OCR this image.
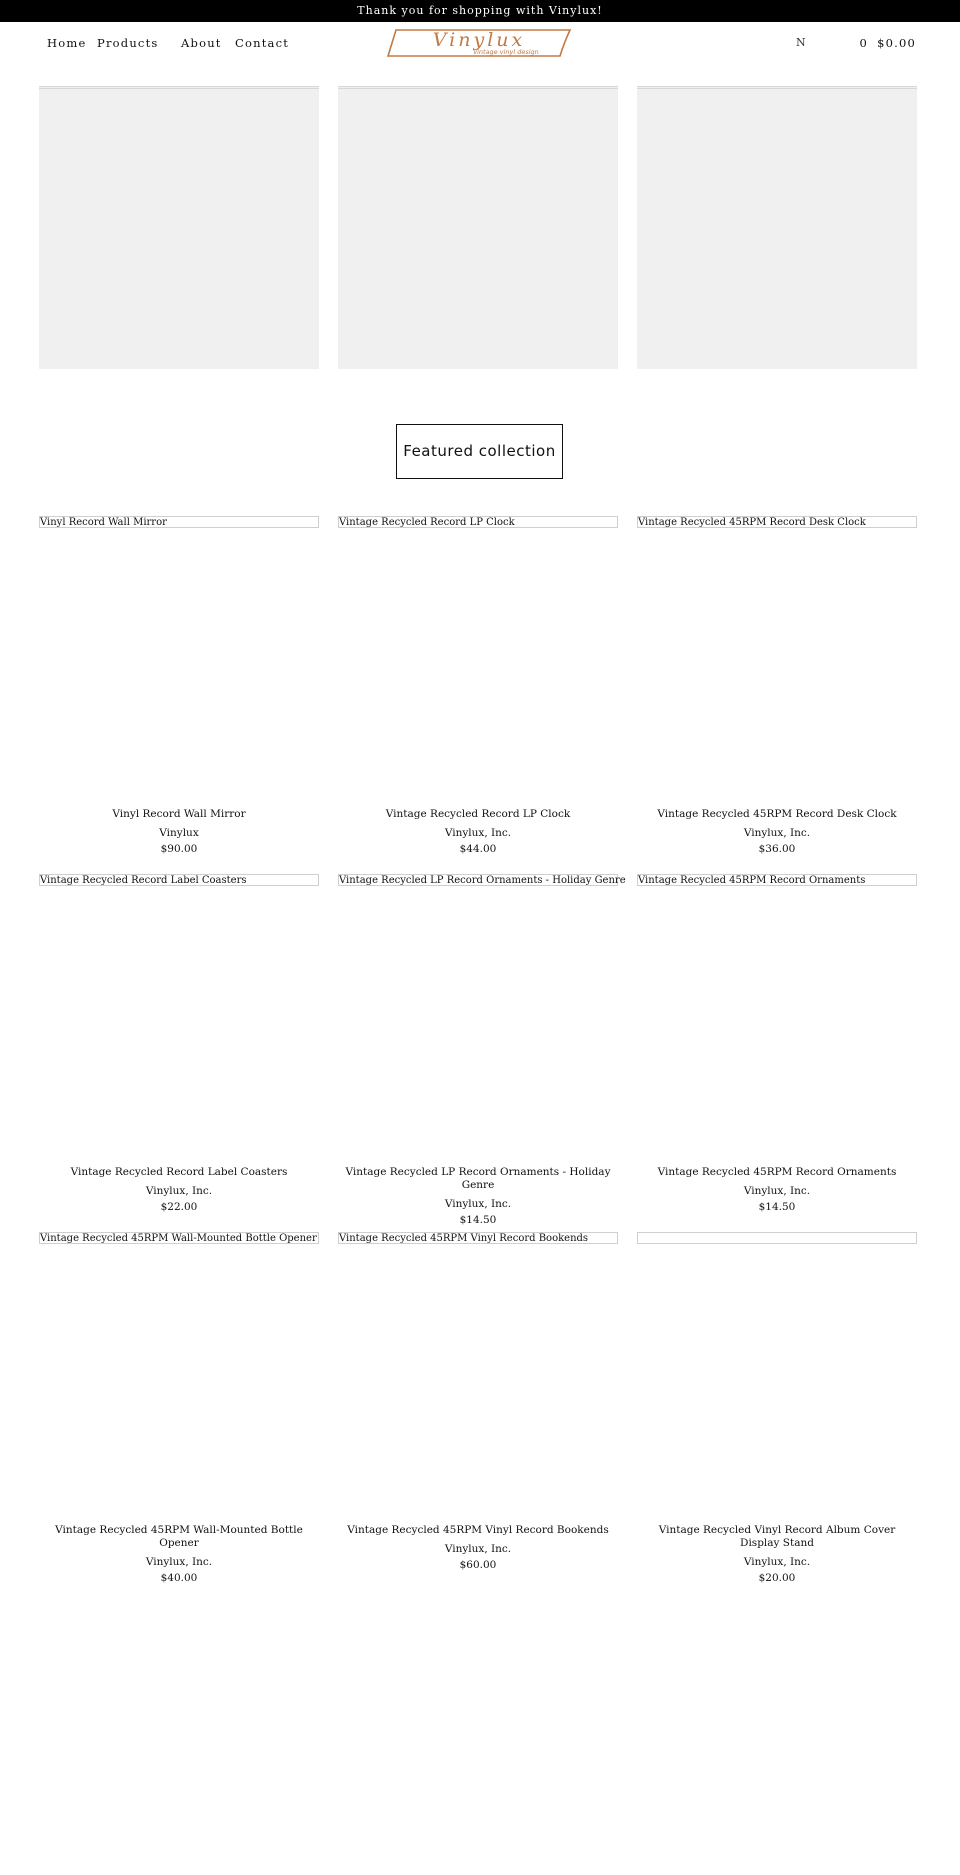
Thank you for shopping with Vinylux!
Home Products	About	Contact	Vinylux
vintage vinyl design
N	0 $0.00
Featured collection
Vinyl Record Wall Mirror
Vinyl Record Wall Mirror
Vinylux
$90.00
Vintage Recycled Record LP Clock
Vintage Recycled Record LP Clock
Vinylux, Inc.
$44.00
Vintage Recycled 45RPM Record Desk Clock
Vintage Recycled 45RPM Record Desk Clock
Vinylux, Inc.
$36.00
Vintage Recycled Record Label Coasters
Vintage Recycled Record Label Coasters
Vinylux, Inc.
$22.00
Vintage Recycled LP Record Ornaments - Holiday Genre
Vintage Recycled LP Record Ornaments - Holiday Genre
Vinylux, Inc.
$14.50
Vintage Recycled 45RPM Record Ornaments
Vintage Recycled 45RPM Record Ornaments
Vinylux, Inc.
$14.50
Vintage Recycled 45RPM Wall-Mounted Bottle Opener
Vintage Recycled 45RPM Wall-Mounted Bottle Opener
Vinylux, Inc.
$40.00
Vintage Recycled 45RPM Vinyl Record Bookends
Vintage Recycled 45RPM Vinyl Record Bookends
Vinylux, Inc.
$60.00
Vintage Recycled Vinyl Record Album Cover Display Stand
Vinylux, Inc.
$20.00
